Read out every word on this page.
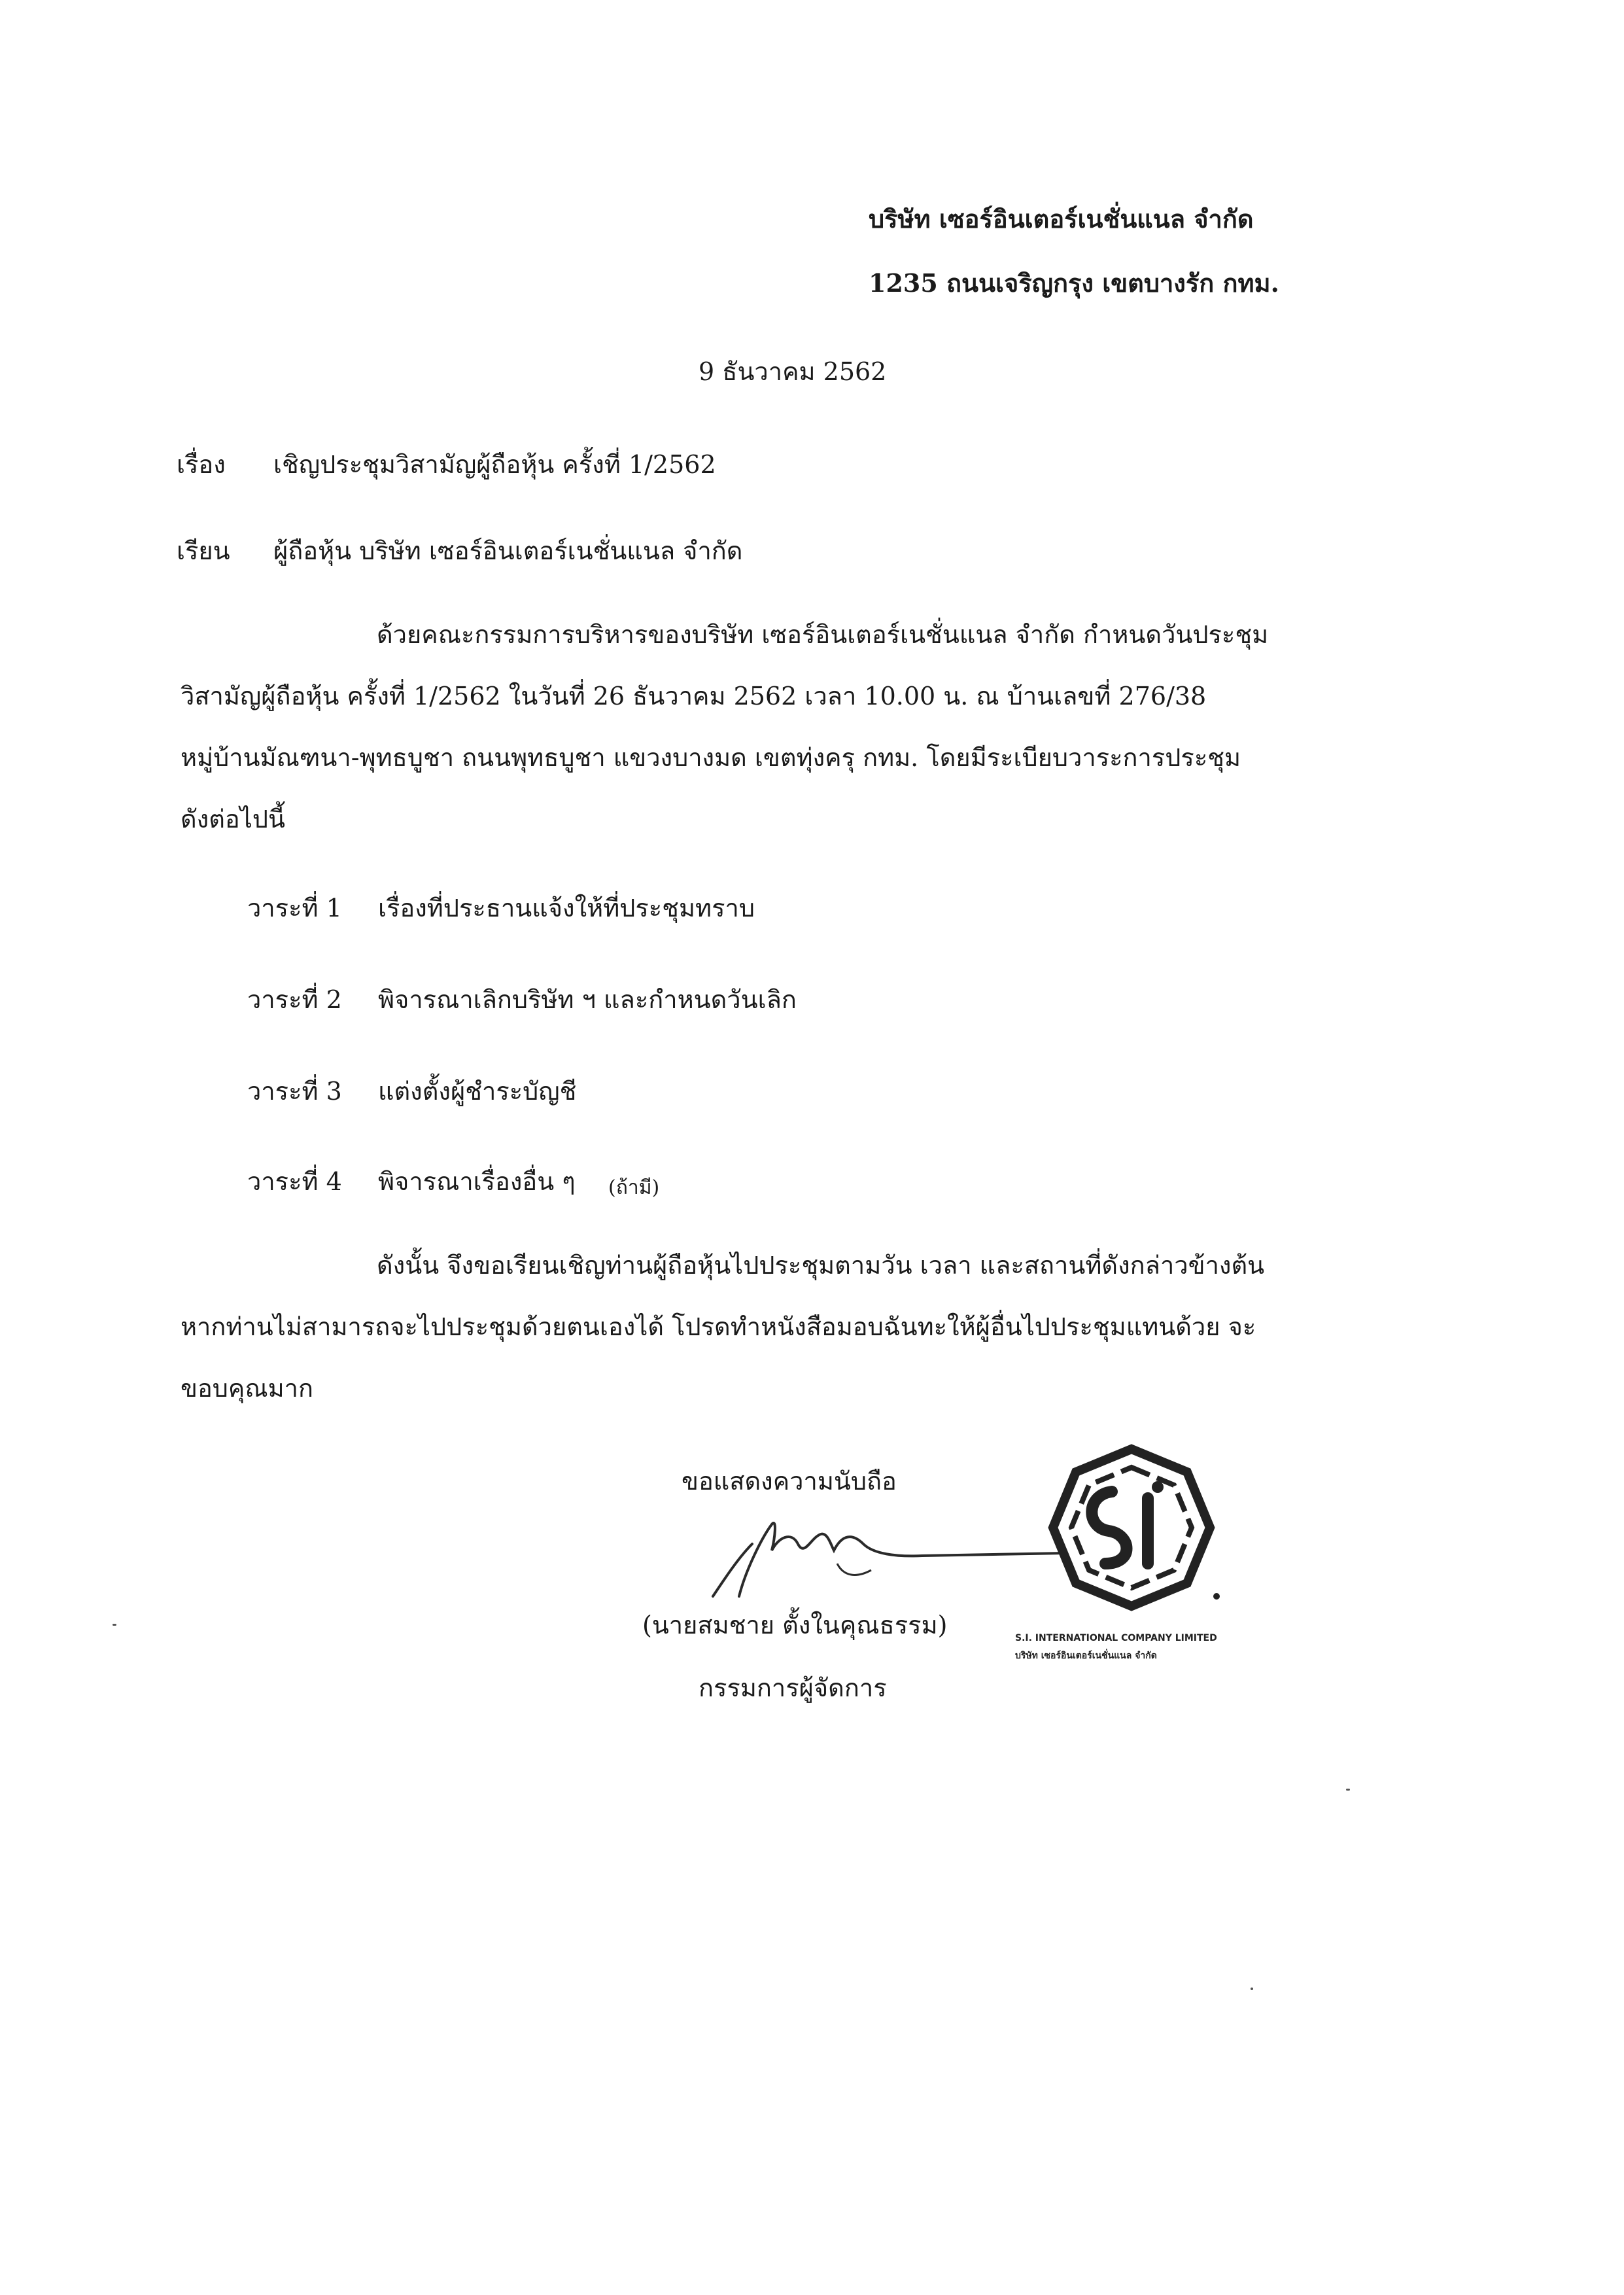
บริษัท เซอร์อินเตอร์เนชั่นแนล จำกัด
1235 ถนนเจริญกรุง เขตบางรัก กทม.
9 ธันวาคม 2562
เรื่อง เชิญประชุมวิสามัญผู้ถือหุ้น ครั้งที่ 1/2562
เรียน ผู้ถือหุ้น บริษัท เซอร์อินเตอร์เนชั่นแนล จำกัด
ด้วยคณะกรรมการบริหารของบริษัท เซอร์อินเตอร์เนชั่นแนล จำกัด กำหนดวันประชุม
วิสามัญผู้ถือหุ้น ครั้งที่ 1/2562 ในวันที่ 26 ธันวาคม 2562 เวลา 10.00 น. ณ บ้านเลขที่ 276/38
หมู่บ้านมัณฑนา-พุทธบูชา ถนนพุทธบูชา แขวงบางมด เขตทุ่งครุ กทม. โดยมีระเบียบวาระการประชุม
ดังต่อไปนี้
วาระที่ 1 เรื่องที่ประธานแจ้งให้ที่ประชุมทราบ
วาระที่ 2 พิจารณาเลิกบริษัท ฯ และกำหนดวันเลิก
วาระที่ 3 แต่งตั้งผู้ชำระบัญชี
วาระที่ 4 พิจารณาเรื่องอื่น ๆ (ถ้ามี)
ดังนั้น จึงขอเรียนเชิญท่านผู้ถือหุ้นไปประชุมตามวัน เวลา และสถานที่ดังกล่าวข้างต้น
หากท่านไม่สามารถจะไปประชุมด้วยตนเองได้ โปรดทำหนังสือมอบฉันทะให้ผู้อื่นไปประชุมแทนด้วย จะ
ขอบคุณมาก
ขอแสดงความนับถือ
S.I. INTERNATIONAL COMPANY LIMITED
บริษัท เซอร์อินเตอร์เนชั่นแนล จำกัด
(นายสมชาย ตั้งในคุณธรรม)
กรรมการผู้จัดการ
